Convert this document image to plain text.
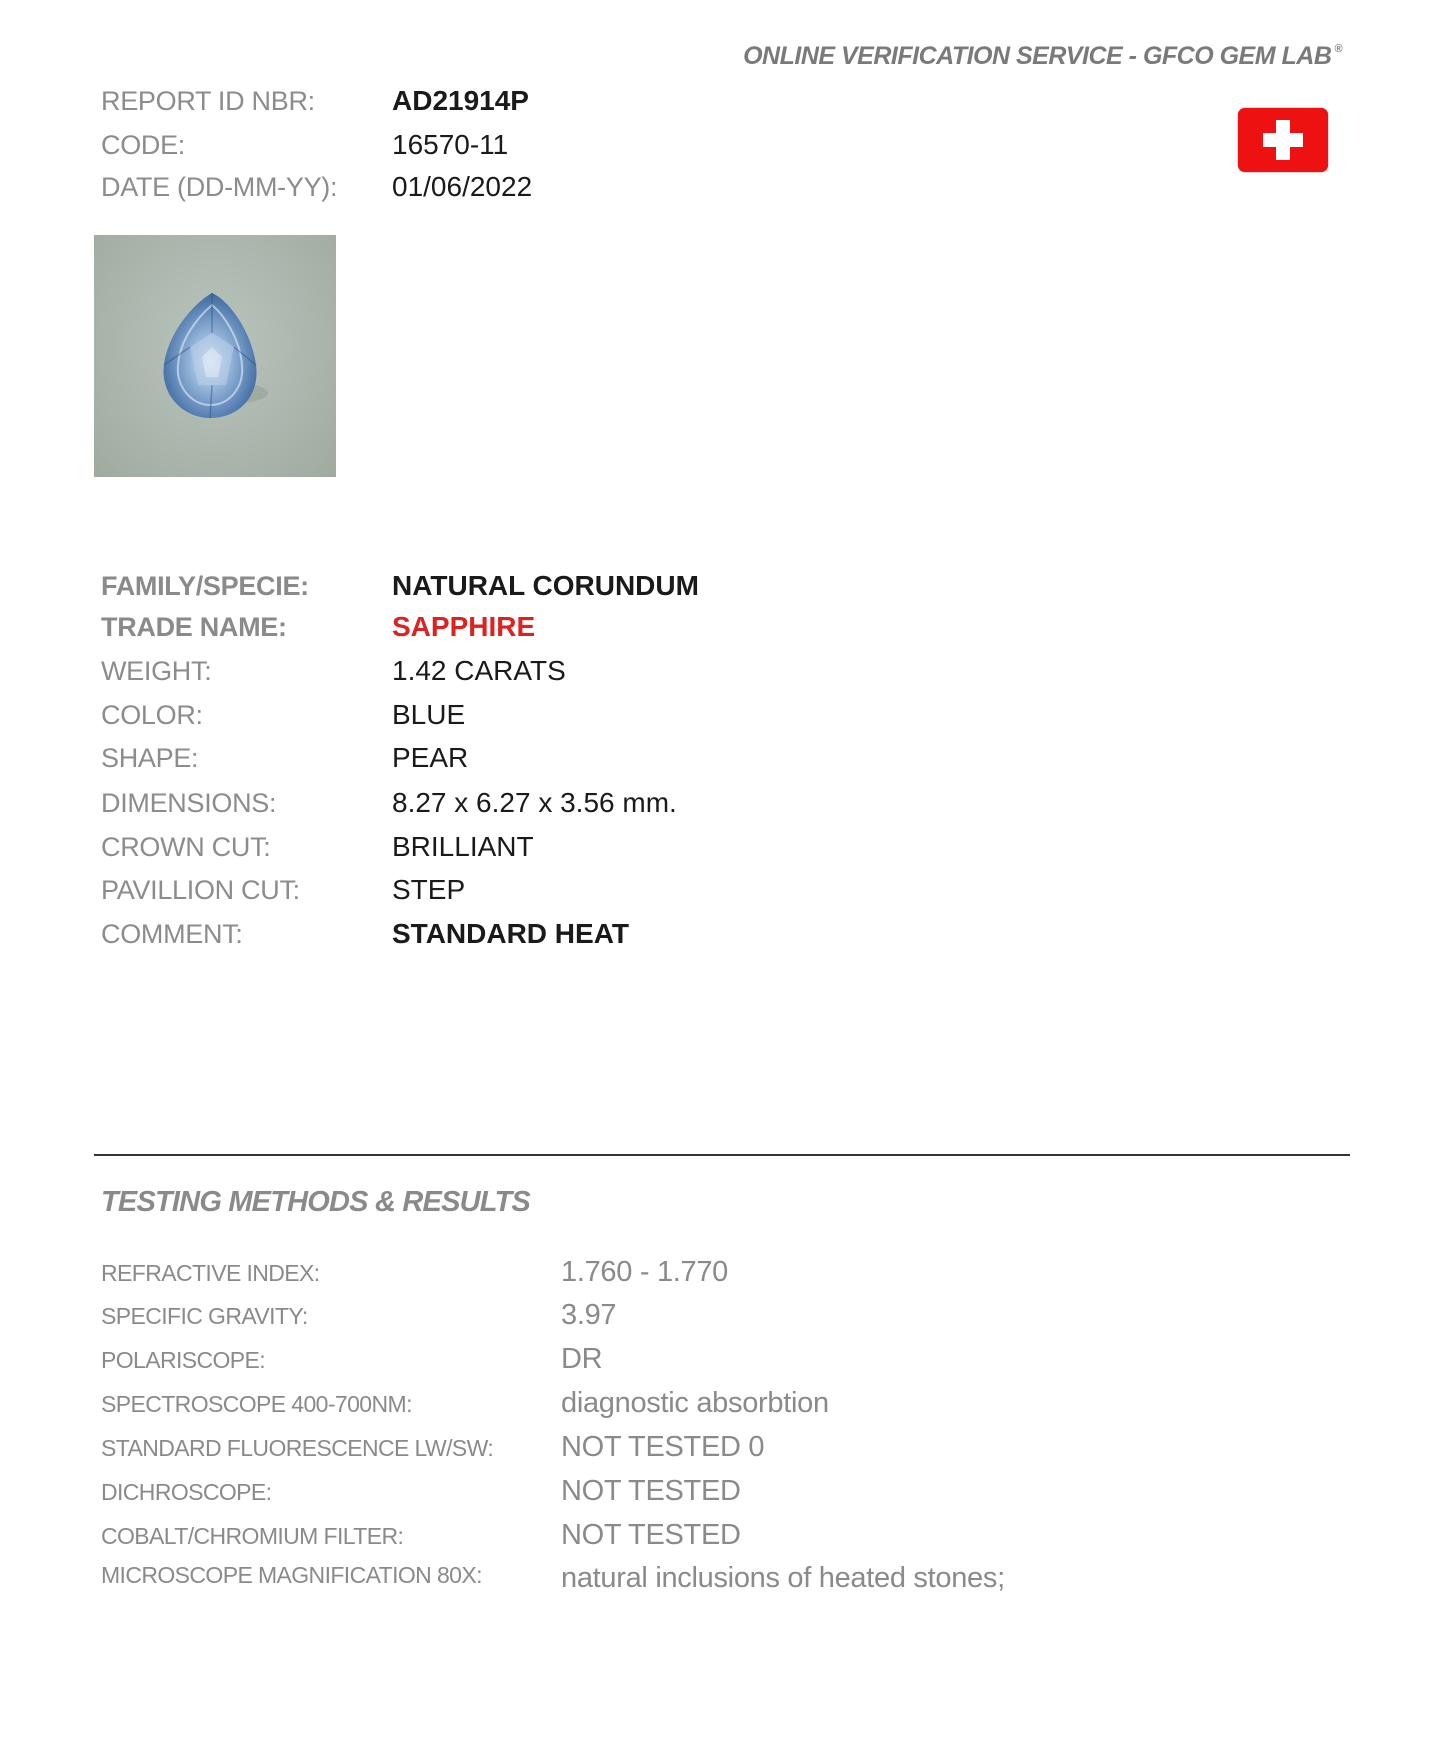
ONLINE VERIFICATION SERVICE - GFCO GEM LAB ®
REPORT ID NBR:	AD21914P
CODE:	16570-11
DATE (DD-MM-YY): 01/06/2022
FAMILY/SPECIE:	NATURAL CORUNDUM
TRADE NAME:	SAPPHIRE
WEIGHT:	1.42 CARATS
COLOR:	BLUE
SHAPE:	PEAR
DIMENSIONS:	8.27 x 6.27 x 3.56 mm.
CROWN CUT:	BRILLIANT
PAVILLION CUT:	STEP
COMMENT:	STANDARD HEAT
TESTING METHODS & RESULTS
REFRACTIVE INDEX:	1.760 - 1.770
SPECIFIC GRAVITY:	3.97
POLARISCOPE:	DR
SPECTROSCOPE 400-700NM:	diagnostic absorbtion
STANDARD FLUORESCENCE LW/SW: NOT TESTED 0
DICHROSCOPE:	NOT TESTED
COBALT/CHROMIUM FILTER:	NOT TESTED
MICROSCOPE MAGNIFICATION 80X:	natural inclusions of heated stones;
